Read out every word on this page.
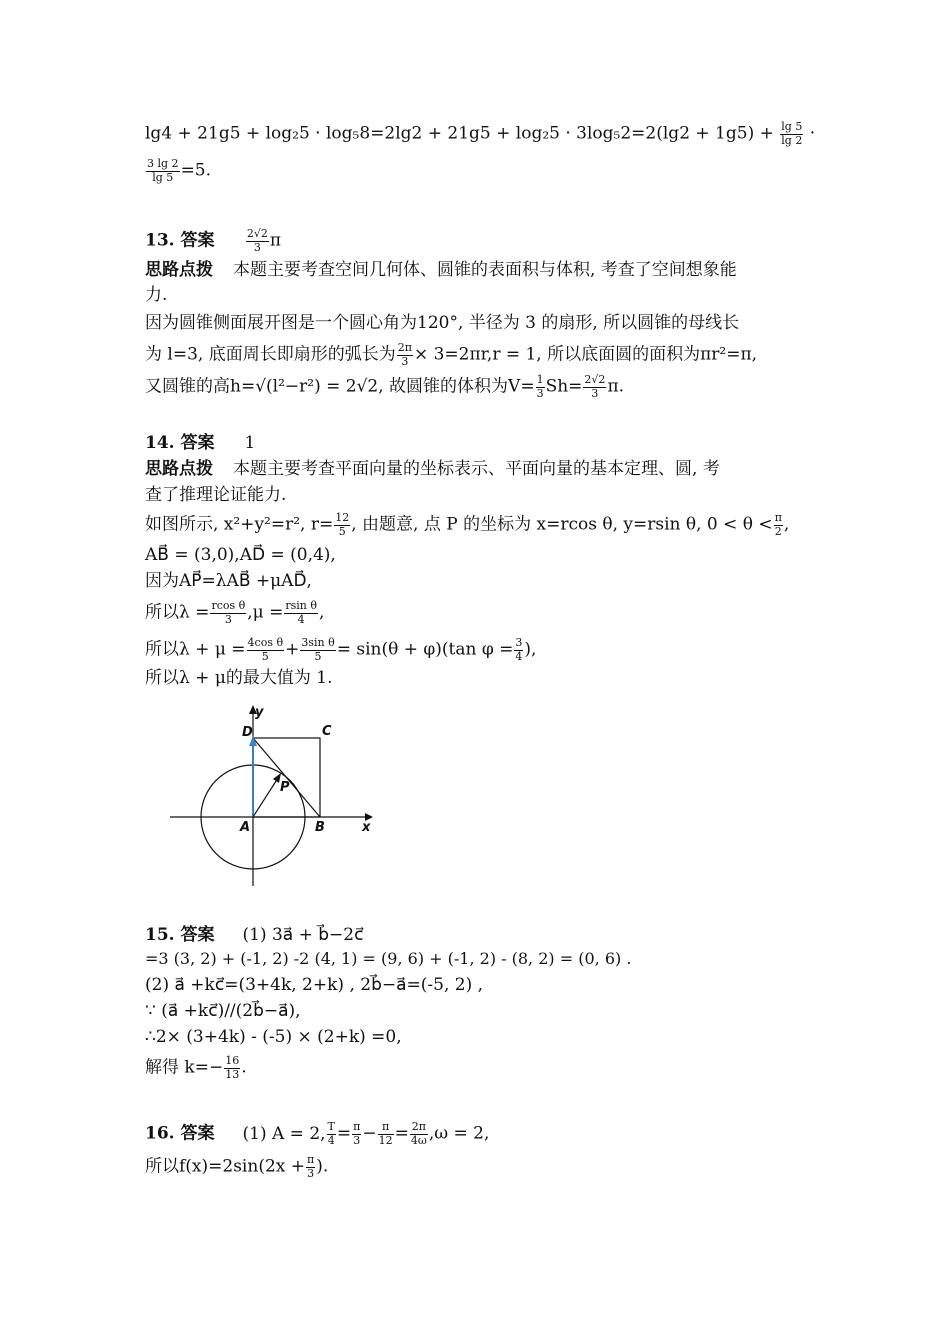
$\lg 4 + 21g5 + \log_25 \cdot \log_58=2\lg 2 + 21g5 + \log_25 \cdot 3\log_52=2(\lg 2 + 1g5) + \frac{\lg 5}{\lg 2}$ ·
$\frac{3 \lg 2}{\lg 5} =5$.
13. 答案	$\frac{2√2}{3}$ π
思路点拨 本题主要考查空间几何体、圆锥的表面积与体积, 考查了空间想象能
力.
因为圆锥侧面展开图是一个圆心角为120°, 半径为 3 的扇形, 所以圆锥的母线长
为 l=3, 底面周长即扇形的弧长为 $\frac{2\pi}{3} \times 3=2\pi r,r = 1$, 所以底面圆的面积为πr²=π,
又圆锥的高h=√(l²−r²) = 2√2, 故圆锥的体积为$V= \frac{1}{3} Sh= \frac{2√2}{3} \pi$.
14. 答案 1
思路点拨 本题主要考查平面向量的坐标表示、平面向量的基本定理、圆, 考
查了推理论证能力.
如图所示, x²+y²=r², $r= \frac{12}{5}$ , 由题意, 点 P 的坐标为 x=rcos θ, y=rsin θ, $0 < \theta < \frac{\pi}{2}$ ,
AB⃗ = (3,0),AD⃗ = (0,4),
因为AP⃗=λAB⃗ +μAD⃗,
所以$\lambda = \frac{\text{rcos θ}}{3} ,\mu = \frac{\text{rsin θ}}{4}$ ,
所以$\lambda + \mu = \frac{\text{4cos θ}}{5} + \frac{\text{3sin θ}}{5} = \sin(\theta + \varphi)(\tan$ $\varphi = \frac{3}{4}$ ),
所以λ + μ的最大值为 1.
y
x
D	C
P
A	B
15. 答案 (1) 3a⃗ + b⃗−2c⃗
=3 (3, 2) + (-1, 2) -2 (4, 1) = (9, 6) + (-1, 2) - (8, 2) = (0, 6) .
(2) a⃗ +kc⃗=(3+4k, 2+k) , 2b⃗−a⃗=(-5, 2) ,
∵ (a⃗ +kc⃗)//(2b⃗−a⃗),
∴2× (3+4k) - (-5) × (2+k) =0,
解得 $k=- \frac{16}{13}$ .
16. 答案 (1) A = 2, $\frac{T}{4} = \frac{\pi}{3} - \frac{\pi}{12} = \frac{2\pi}{4\omega} ,\omega = 2$,
所以$f(x)=2\sin(2x + \frac{\pi}{3}$ ).
